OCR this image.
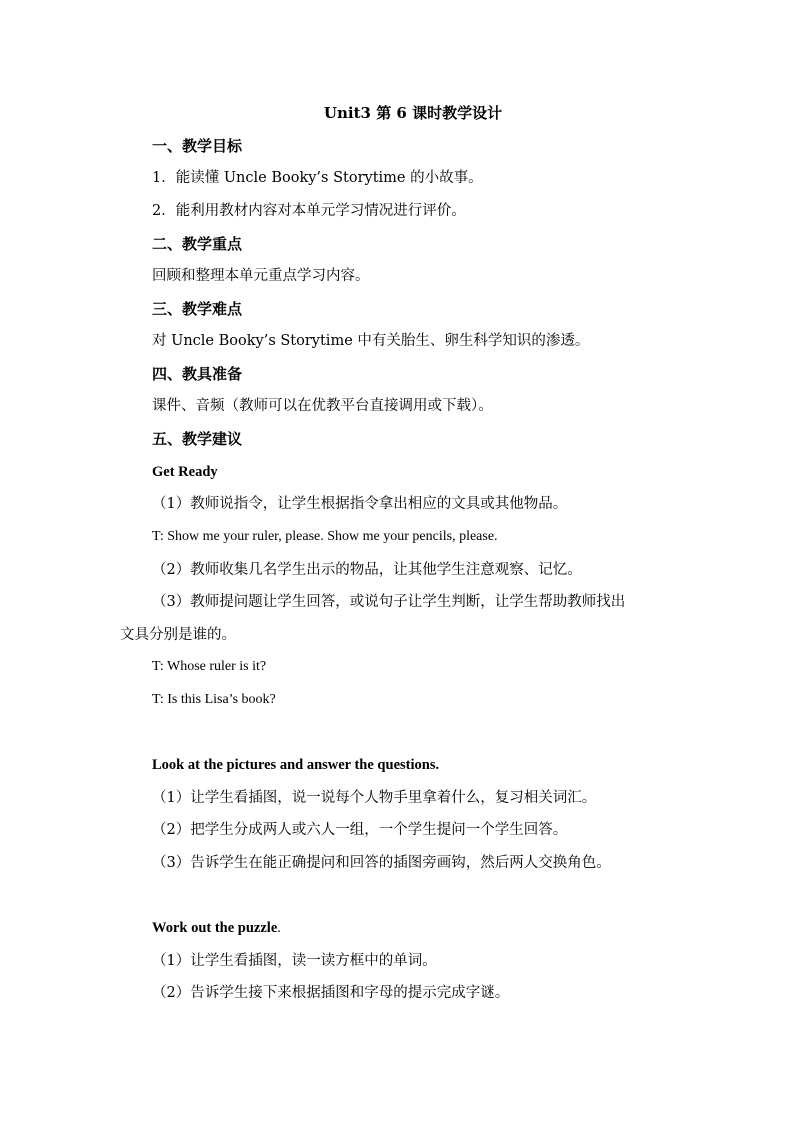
Unit3 第 6 课时教学设计
一、教学目标
1．能读懂 Uncle Booky’s Storytime 的小故事。
2．能利用教材内容对本单元学习情况进行评价。
二、教学重点
回顾和整理本单元重点学习内容。
三、教学难点
对 Uncle Booky’s Storytime 中有关胎生、卵生科学知识的渗透。
四、教具准备
课件、音频（教师可以在优教平台直接调用或下载）。
五、教学建议
Get Ready
（1）教师说指令，让学生根据指令拿出相应的文具或其他物品。
T: Show me your ruler, please. Show me your pencils, please.
（2）教师收集几名学生出示的物品，让其他学生注意观察、记忆。
（3）教师提问题让学生回答，或说句子让学生判断，让学生帮助教师找出
文具分别是谁的。
T: Whose ruler is it?
T: Is this Lisa’s book?
Look at the pictures and answer the questions.
（1）让学生看插图，说一说每个人物手里拿着什么，复习相关词汇。
（2）把学生分成两人或六人一组，一个学生提问一个学生回答。
（3）告诉学生在能正确提问和回答的插图旁画钩，然后两人交换角色。
Work out the puzzle.
（1）让学生看插图，读一读方框中的单词。
（2）告诉学生接下来根据插图和字母的提示完成字谜。
